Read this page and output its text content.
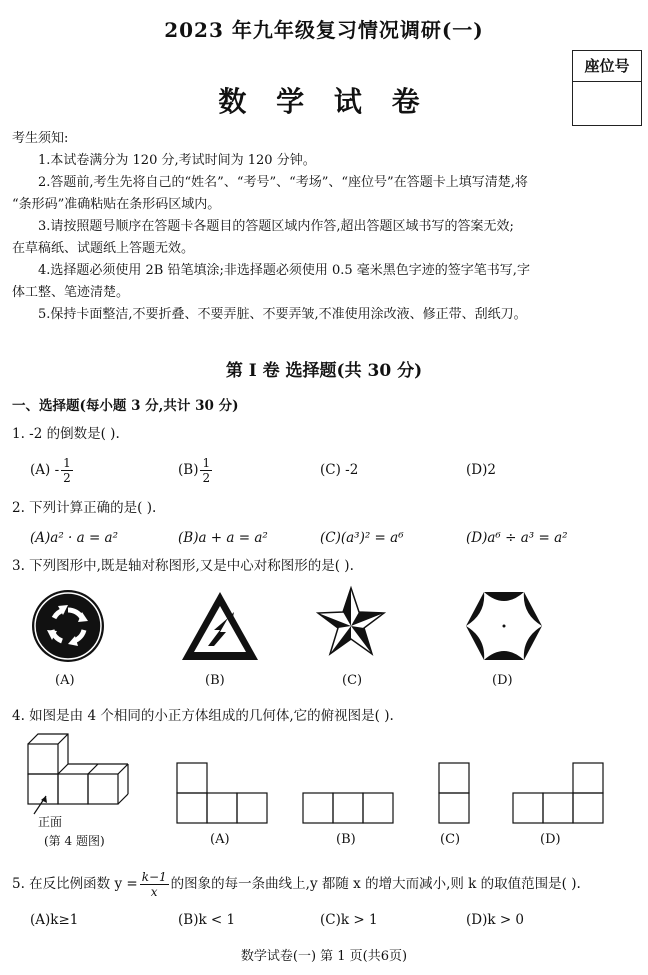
2023 年九年级复习情况调研(一)
座位号
数 学 试 卷

考生须知:

1.本试卷满分为 120 分,考试时间为 120 分钟。

2.答题前,考生先将自己的“姓名”、“考号”、“考场”、“座位号”在答题卡上填写清楚,将

“条形码”准确粘贴在条形码区域内。

3.请按照题号顺序在答题卡各题目的答题区域内作答,超出答题区域书写的答案无效;

在草稿纸、试题纸上答题无效。

4.选择题必须使用 2B 铅笔填涂;非选择题必须使用 0.5 毫米黑色字迹的签字笔书写,字

体工整、笔迹清楚。

5.保持卡面整洁,不要折叠、不要弄脏、不要弄皱,不准使用涂改液、修正带、刮纸刀。

第 I 卷 选择题(共 30 分)
一、选择题(每小题 3 分,共计 30 分)
1. -2 的倒数是( ).
$(A) - \frac{1}{2}$	$(B) \frac{1}{2}$	(C) -2	(D)2
2. 下列计算正确的是( ).
(A)a² · a = a²	(B)a + a = a²	(C)(a³)² = a⁶	(D)a⁶ ÷ a³ = a²
3. 下列图形中,既是轴对称图形,又是中心对称图形的是( ).
(A)	(B)	(C)	(D)
4. 如图是由 4 个相同的小正方体组成的几何体,它的俯视图是( ).
正面
(第 4 题图)	(A)	(B)	(C)	(D)
5. 在反比例函数 $y = \frac{k-1}{x}$ 的图象的每一条曲线上,y 都随 x 的增大而减小,则 k 的取值范围是( ).
(A)k≥1	(B)k < 1	(C)k > 1	(D)k > 0
数学试卷(一) 第 1 页(共6页)
